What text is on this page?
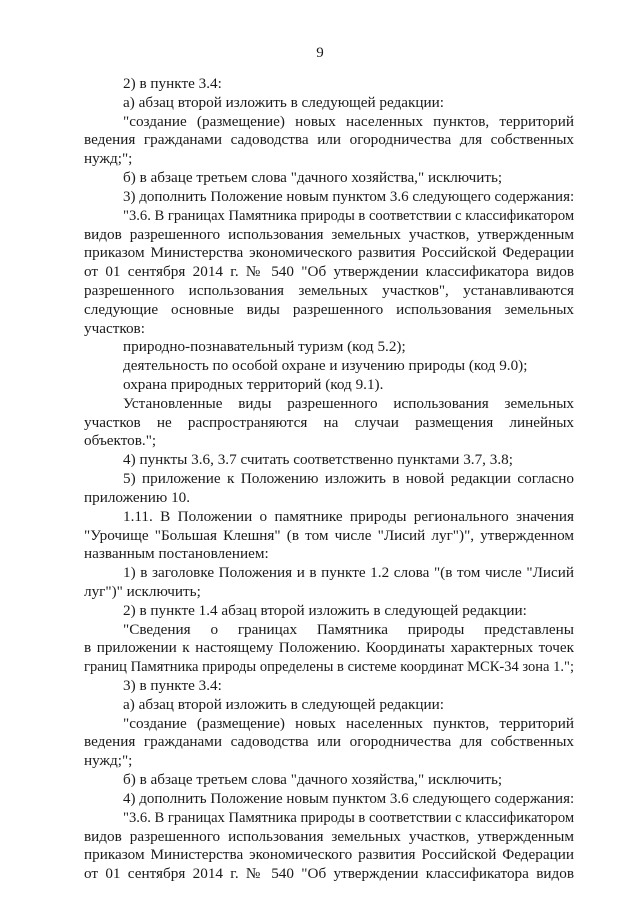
9
2) в пункте 3.4:
а) абзац второй изложить в следующей редакции:
"создание (размещение) новых населенных пунктов, территорий
ведения гражданами садоводства или огородничества для собственных
нужд;";
б) в абзаце третьем слова "дачного хозяйства," исключить;
3) дополнить Положение новым пунктом 3.6 следующего содержания:
"3.6. В границах Памятника природы в соответствии с классификатором
видов разрешенного использования земельных участков, утвержденным
приказом Министерства экономического развития Российской Федерации
от 01 сентября 2014 г. № 540 "Об утверждении классификатора видов
разрешенного использования земельных участков", устанавливаются
следующие основные виды разрешенного использования земельных
участков:
природно-познавательный туризм (код 5.2);
деятельность по особой охране и изучению природы (код 9.0);
охрана природных территорий (код 9.1).
Установленные виды разрешенного использования земельных
участков не распространяются на случаи размещения линейных
объектов.";
4) пункты 3.6, 3.7 считать соответственно пунктами 3.7, 3.8;
5) приложение к Положению изложить в новой редакции согласно
приложению 10.
1.11. В Положении о памятнике природы регионального значения
"Урочище "Большая Клешня" (в том числе "Лисий луг")", утвержденном
названным постановлением:
1) в заголовке Положения и в пункте 1.2 слова "(в том числе "Лисий
луг")" исключить;
2) в пункте 1.4 абзац второй изложить в следующей редакции:
"Сведения о границах Памятника природы представлены
в приложении к настоящему Положению. Координаты характерных точек
границ Памятника природы определены в системе координат МСК-34 зона 1.";
3) в пункте 3.4:
а) абзац второй изложить в следующей редакции:
"создание (размещение) новых населенных пунктов, территорий
ведения гражданами садоводства или огородничества для собственных
нужд;";
б) в абзаце третьем слова "дачного хозяйства," исключить;
4) дополнить Положение новым пунктом 3.6 следующего содержания:
"3.6. В границах Памятника природы в соответствии с классификатором
видов разрешенного использования земельных участков, утвержденным
приказом Министерства экономического развития Российской Федерации
от 01 сентября 2014 г. № 540 "Об утверждении классификатора видов
